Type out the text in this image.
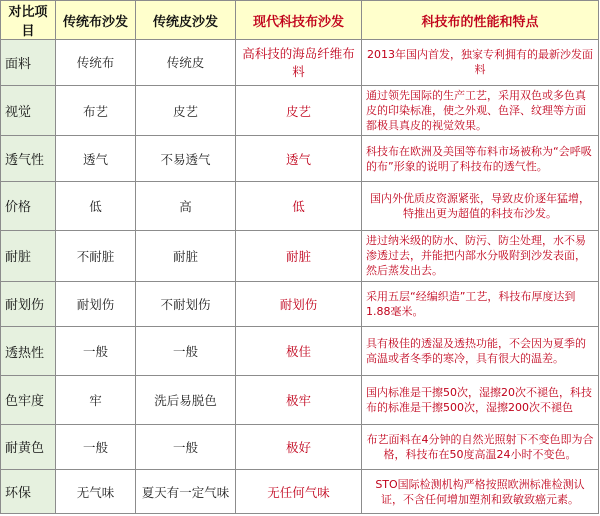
对比项目	传统布沙发	传统皮沙发	现代科技布沙发	科技布的性能和特点
面料	传统布	传统皮	高科技的海岛纤维布料	2013年国内首发，独家专利拥有的最新沙发面料
视觉	布艺	皮艺	皮艺	通过领先国际的生产工艺，采用双色或多色真皮的印染标准，使之外观、色泽、纹理等方面都极具真皮的视觉效果。
透气性	透气	不易透气	透气	科技布在欧洲及美国等布料市场被称为“会呼吸的布”形象的说明了科技布的透气性。
价格	低	高	低	国内外优质皮资源紧张，导致皮价逐年猛增，特推出更为超值的科技布沙发。
耐脏	不耐脏	耐脏	耐脏	进过纳米级的防水、防污、防尘处理，水不易渗透过去，并能把内部水分吸附到沙发表面，然后蒸发出去。
耐划伤	耐划伤	不耐划伤	耐划伤	采用五层“经编织造”工艺，科技布厚度达到1.88毫米。
透热性	一般	一般	极佳	具有极佳的透湿及透热功能，不会因为夏季的高温或者冬季的寒冷，具有很大的温差。
色牢度	牢	洗后易脱色	极牢	国内标准是干擦50次，湿擦20次不褪色，科技布的标准是干擦500次，湿擦200次不褪色
耐黄色	一般	一般	极好	布艺面料在4分钟的自然光照射下不变色即为合格，科技布在50度高温24小时不变色。
环保	无气味	夏天有一定气味	无任何气味	STO国际检测机构严格按照欧洲标准检测认证，不含任何增加塑剂和致敏致癌元素。
